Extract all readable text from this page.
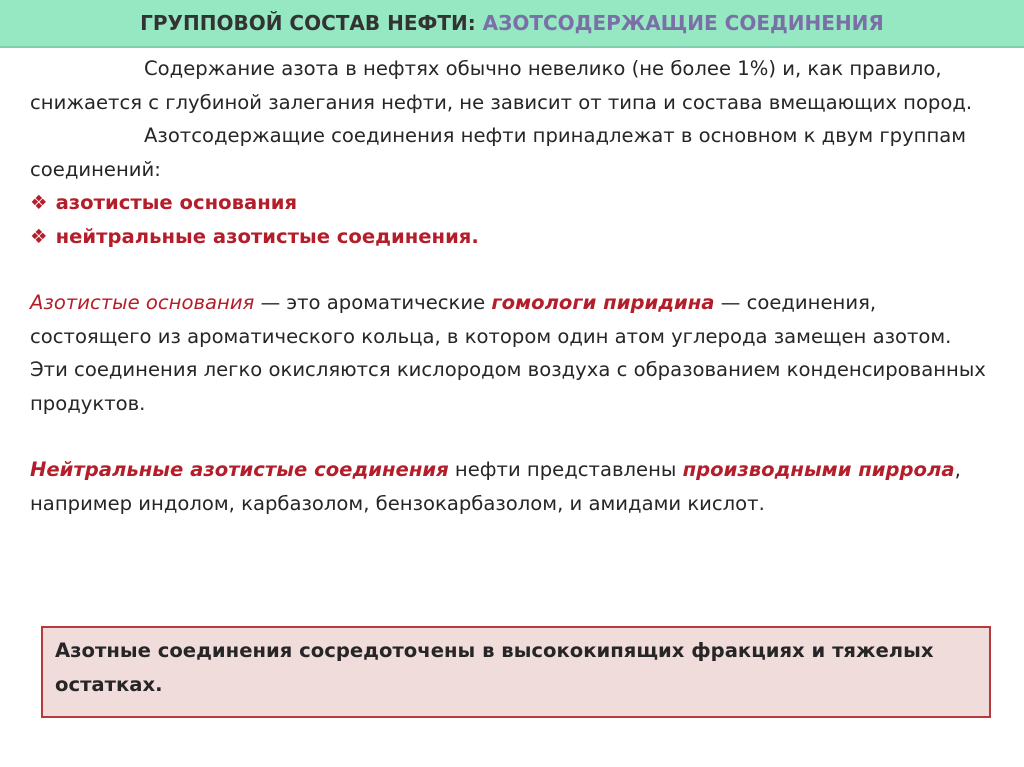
ГРУППОВОЙ СОСТАВ НЕФТИ: АЗОТСОДЕРЖАЩИЕ СОЕДИНЕНИЯ

Содержание азота в нефтях обычно невелико (не более 1%) и, как правило, снижается с глубиной залегания нефти, не зависит от типа и состава вмещающих пород.

Азотсодержащие соединения нефти принадлежат в основном к двум группам соединений:

❖ азотистые основания

❖ нейтральные азотистые соединения.

Азотистые основания — это ароматические гомологи пиридина — соединения, состоящего из ароматического кольца, в котором один атом углерода замещен азотом. Эти соединения легко окисляются кислородом воздуха с образованием конденсированных продуктов.

Нейтральные азотистые соединения нефти представлены производными пиррола, например индолом, карбазолом, бензокарбазолом, и амидами кислот.

Азотные соединения сосредоточены в высококипящих фракциях и тяжелых остатках.
